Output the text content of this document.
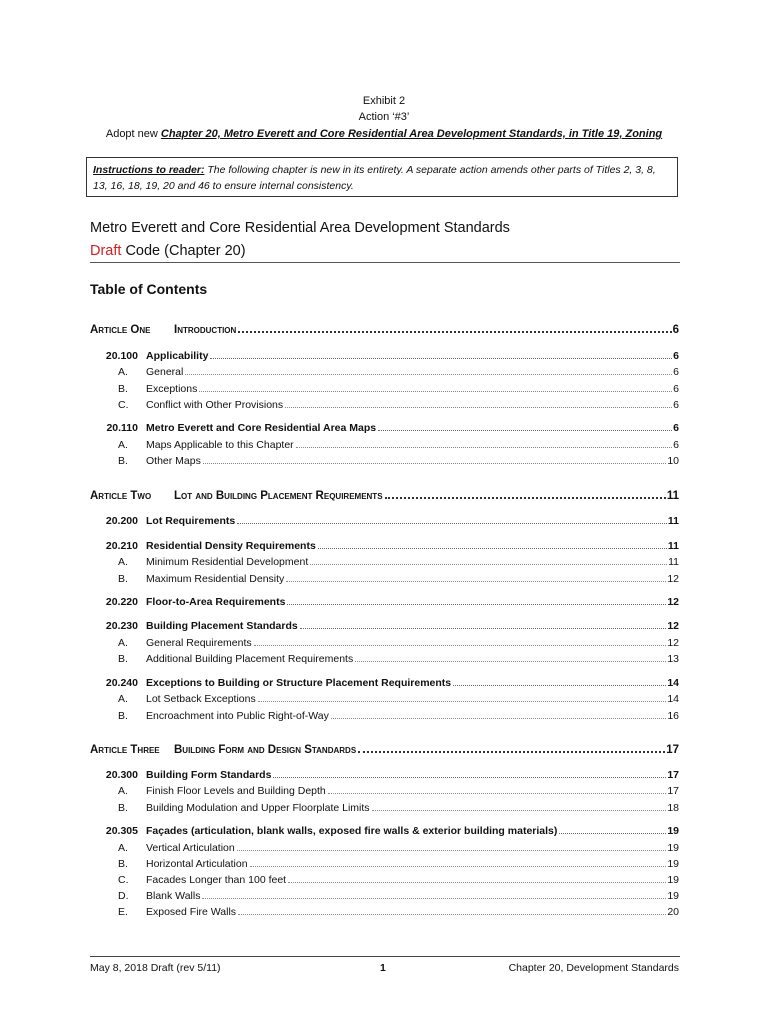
Exhibit 2
Action ‘#3’
Adopt new Chapter 20, Metro Everett and Core Residential Area Development Standards, in Title 19, Zoning
Instructions to reader: The following chapter is new in its entirety. A separate action amends other parts of Titles 2, 3, 8, 13, 16, 18, 19, 20 and 46 to ensure internal consistency.
Metro Everett and Core Residential Area Development Standards
Draft Code (Chapter 20)
Table of Contents
Article One	Introduction	6
20.100 Applicability	6
A.	General	6
B.	Exceptions	6
C.	Conflict with Other Provisions	6
20.110 Metro Everett and Core Residential Area Maps	6
A.	Maps Applicable to this Chapter	6
B.	Other Maps	10
Article Two	Lot and Building Placement Requirements	11
20.200 Lot Requirements	11
20.210 Residential Density Requirements	11
A.	Minimum Residential Development	11
B.	Maximum Residential Density	12
20.220 Floor-to-Area Requirements	12
20.230 Building Placement Standards	12
A.	General Requirements	12
B.	Additional Building Placement Requirements	13
20.240 Exceptions to Building or Structure Placement Requirements	14
A.	Lot Setback Exceptions	14
B.	Encroachment into Public Right-of-Way	16
Article Three	Building Form and Design Standards	17
20.300 Building Form Standards	17
A.	Finish Floor Levels and Building Depth	17
B.	Building Modulation and Upper Floorplate Limits	18
20.305 Façades (articulation, blank walls, exposed fire walls & exterior building materials)	19
A.	Vertical Articulation	19
B.	Horizontal Articulation	19
C.	Facades Longer than 100 feet	19
D.	Blank Walls	19
E.	Exposed Fire Walls	20
May 8, 2018 Draft (rev 5/11)	1	Chapter 20, Development Standards
